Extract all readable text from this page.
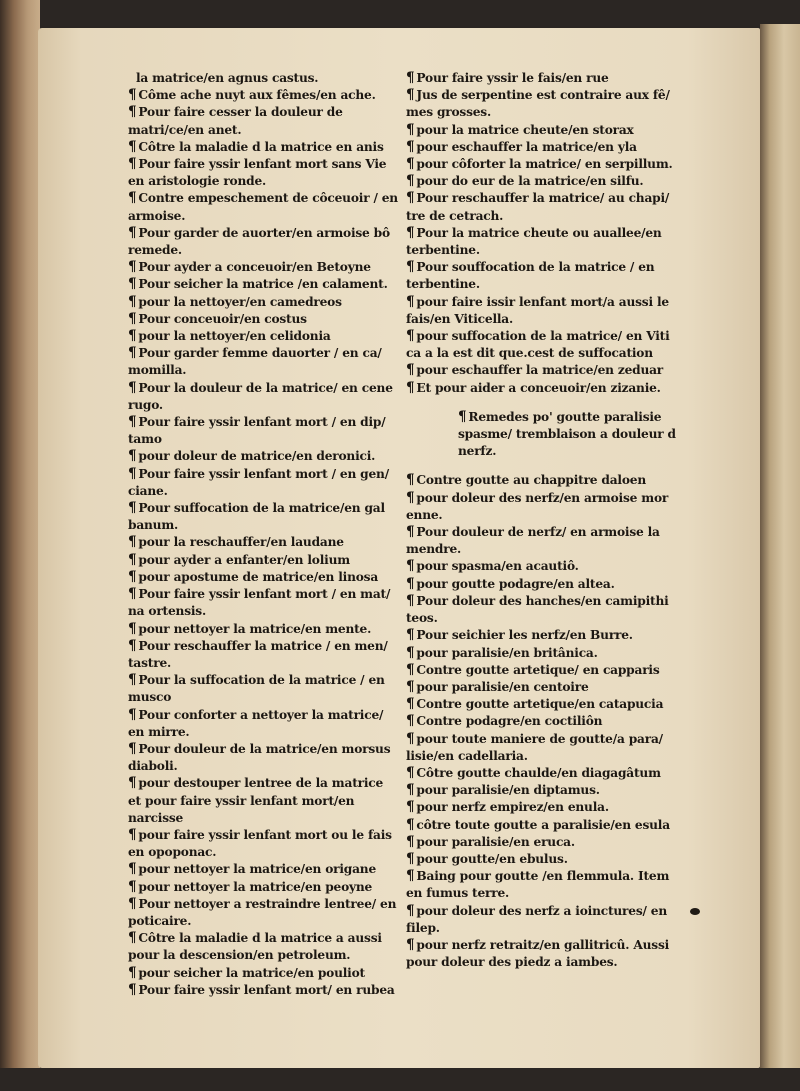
la matrice/en agnus castus.

¶ Côme ache nuyt aux fêmes/en ache.

¶ Pour faire cesser la douleur de matri/ce/en anet.

¶ Côtre la maladie d la matrice en anis

¶ Pour faire yssir lenfant mort sans Vie en aristologie ronde.

¶ Contre empeschement de côceuoir / en armoise.

¶ Pour garder de auorter/en armoise bô remede.

¶ Pour ayder a conceuoir/en Betoyne

¶ Pour seicher la matrice /en calament.

¶ pour la nettoyer/en camedreos

¶ Pour conceuoir/en costus

¶ pour la nettoyer/en celidonia

¶ Pour garder femme dauorter / en ca/ momilla.

¶ Pour la douleur de la matrice/ en cene rugo.

¶ Pour faire yssir lenfant mort / en dip/ tamo

¶ pour doleur de matrice/en deronici.

¶ Pour faire yssir lenfant mort / en gen/ ciane.

¶ Pour suffocation de la matrice/en gal banum.

¶ pour la reschauffer/en laudane

¶ pour ayder a enfanter/en lolium

¶ pour apostume de matrice/en linosa

¶ Pour faire yssir lenfant mort / en mat/ na ortensis.

¶ pour nettoyer la matrice/en mente.

¶ Pour reschauffer la matrice / en men/ tastre.

¶ Pour la suffocation de la matrice / en musco

¶ Pour conforter a nettoyer la matrice/ en mirre.

¶ Pour douleur de la matrice/en morsus diaboli.

¶ pour destouper lentree de la matrice et pour faire yssir lenfant mort/en narcisse

¶ pour faire yssir lenfant mort ou le fais en opoponac.

¶ pour nettoyer la matrice/en origane

¶ pour nettoyer la matrice/en peoyne

¶ Pour nettoyer a restraindre lentree/ en poticaire.

¶ Côtre la maladie d la matrice a aussi pour la descension/en petroleum.

¶ pour seicher la matrice/en pouliot

¶ Pour faire yssir lenfant mort/ en rubea

¶ Pour faire yssir le fais/en rue

¶ Jus de serpentine est contraire aux fê/ mes grosses.

¶ pour la matrice cheute/en storax

¶ pour eschauffer la matrice/en yla

¶ pour côforter la matrice/ en serpillum.

¶ pour do eur de la matrice/en silfu.

¶ Pour reschauffer la matrice/ au chapi/ tre de cetrach.

¶ Pour la matrice cheute ou auallee/en terbentine.

¶ Pour souffocation de la matrice / en terbentine.

¶ pour faire issir lenfant mort/a aussi le fais/en Viticella.

¶ pour suffocation de la matrice/ en Viti ca a la est dit que.cest de suffocation

¶ pour eschauffer la matrice/en zeduar

¶ Et pour aider a conceuoir/en zizanie.

¶ Remedes po' goutte paralisie spasme/ tremblaison a douleur d nerfz.

¶ Contre goutte au chappitre daloen

¶ pour doleur des nerfz/en armoise mor enne.

¶ Pour douleur de nerfz/ en armoise la mendre.

¶ pour spasma/en acautiô.

¶ pour goutte podagre/en altea.

¶ Pour doleur des hanches/en camipithi teos.

¶ Pour seichier les nerfz/en Burre.

¶ pour paralisie/en britânica.

¶ Contre goutte artetique/ en capparis

¶ pour paralisie/en centoire

¶ Contre goutte artetique/en catapucia

¶ Contre podagre/en coctiliôn

¶ pour toute maniere de goutte/a para/ lisie/en cadellaria.

¶ Côtre goutte chaulde/en diagagâtum

¶ pour paralisie/en diptamus.

¶ pour nerfz empirez/en enula.

¶ côtre toute goutte a paralisie/en esula

¶ pour paralisie/en eruca.

¶ pour goutte/en ebulus.

¶ Baing pour goutte /en flemmula. Item en fumus terre.

¶ pour doleur des nerfz a ioinctures/ en filep.

¶ pour nerfz retraitz/en gallitricû. Aussi pour doleur des piedz a iambes.
